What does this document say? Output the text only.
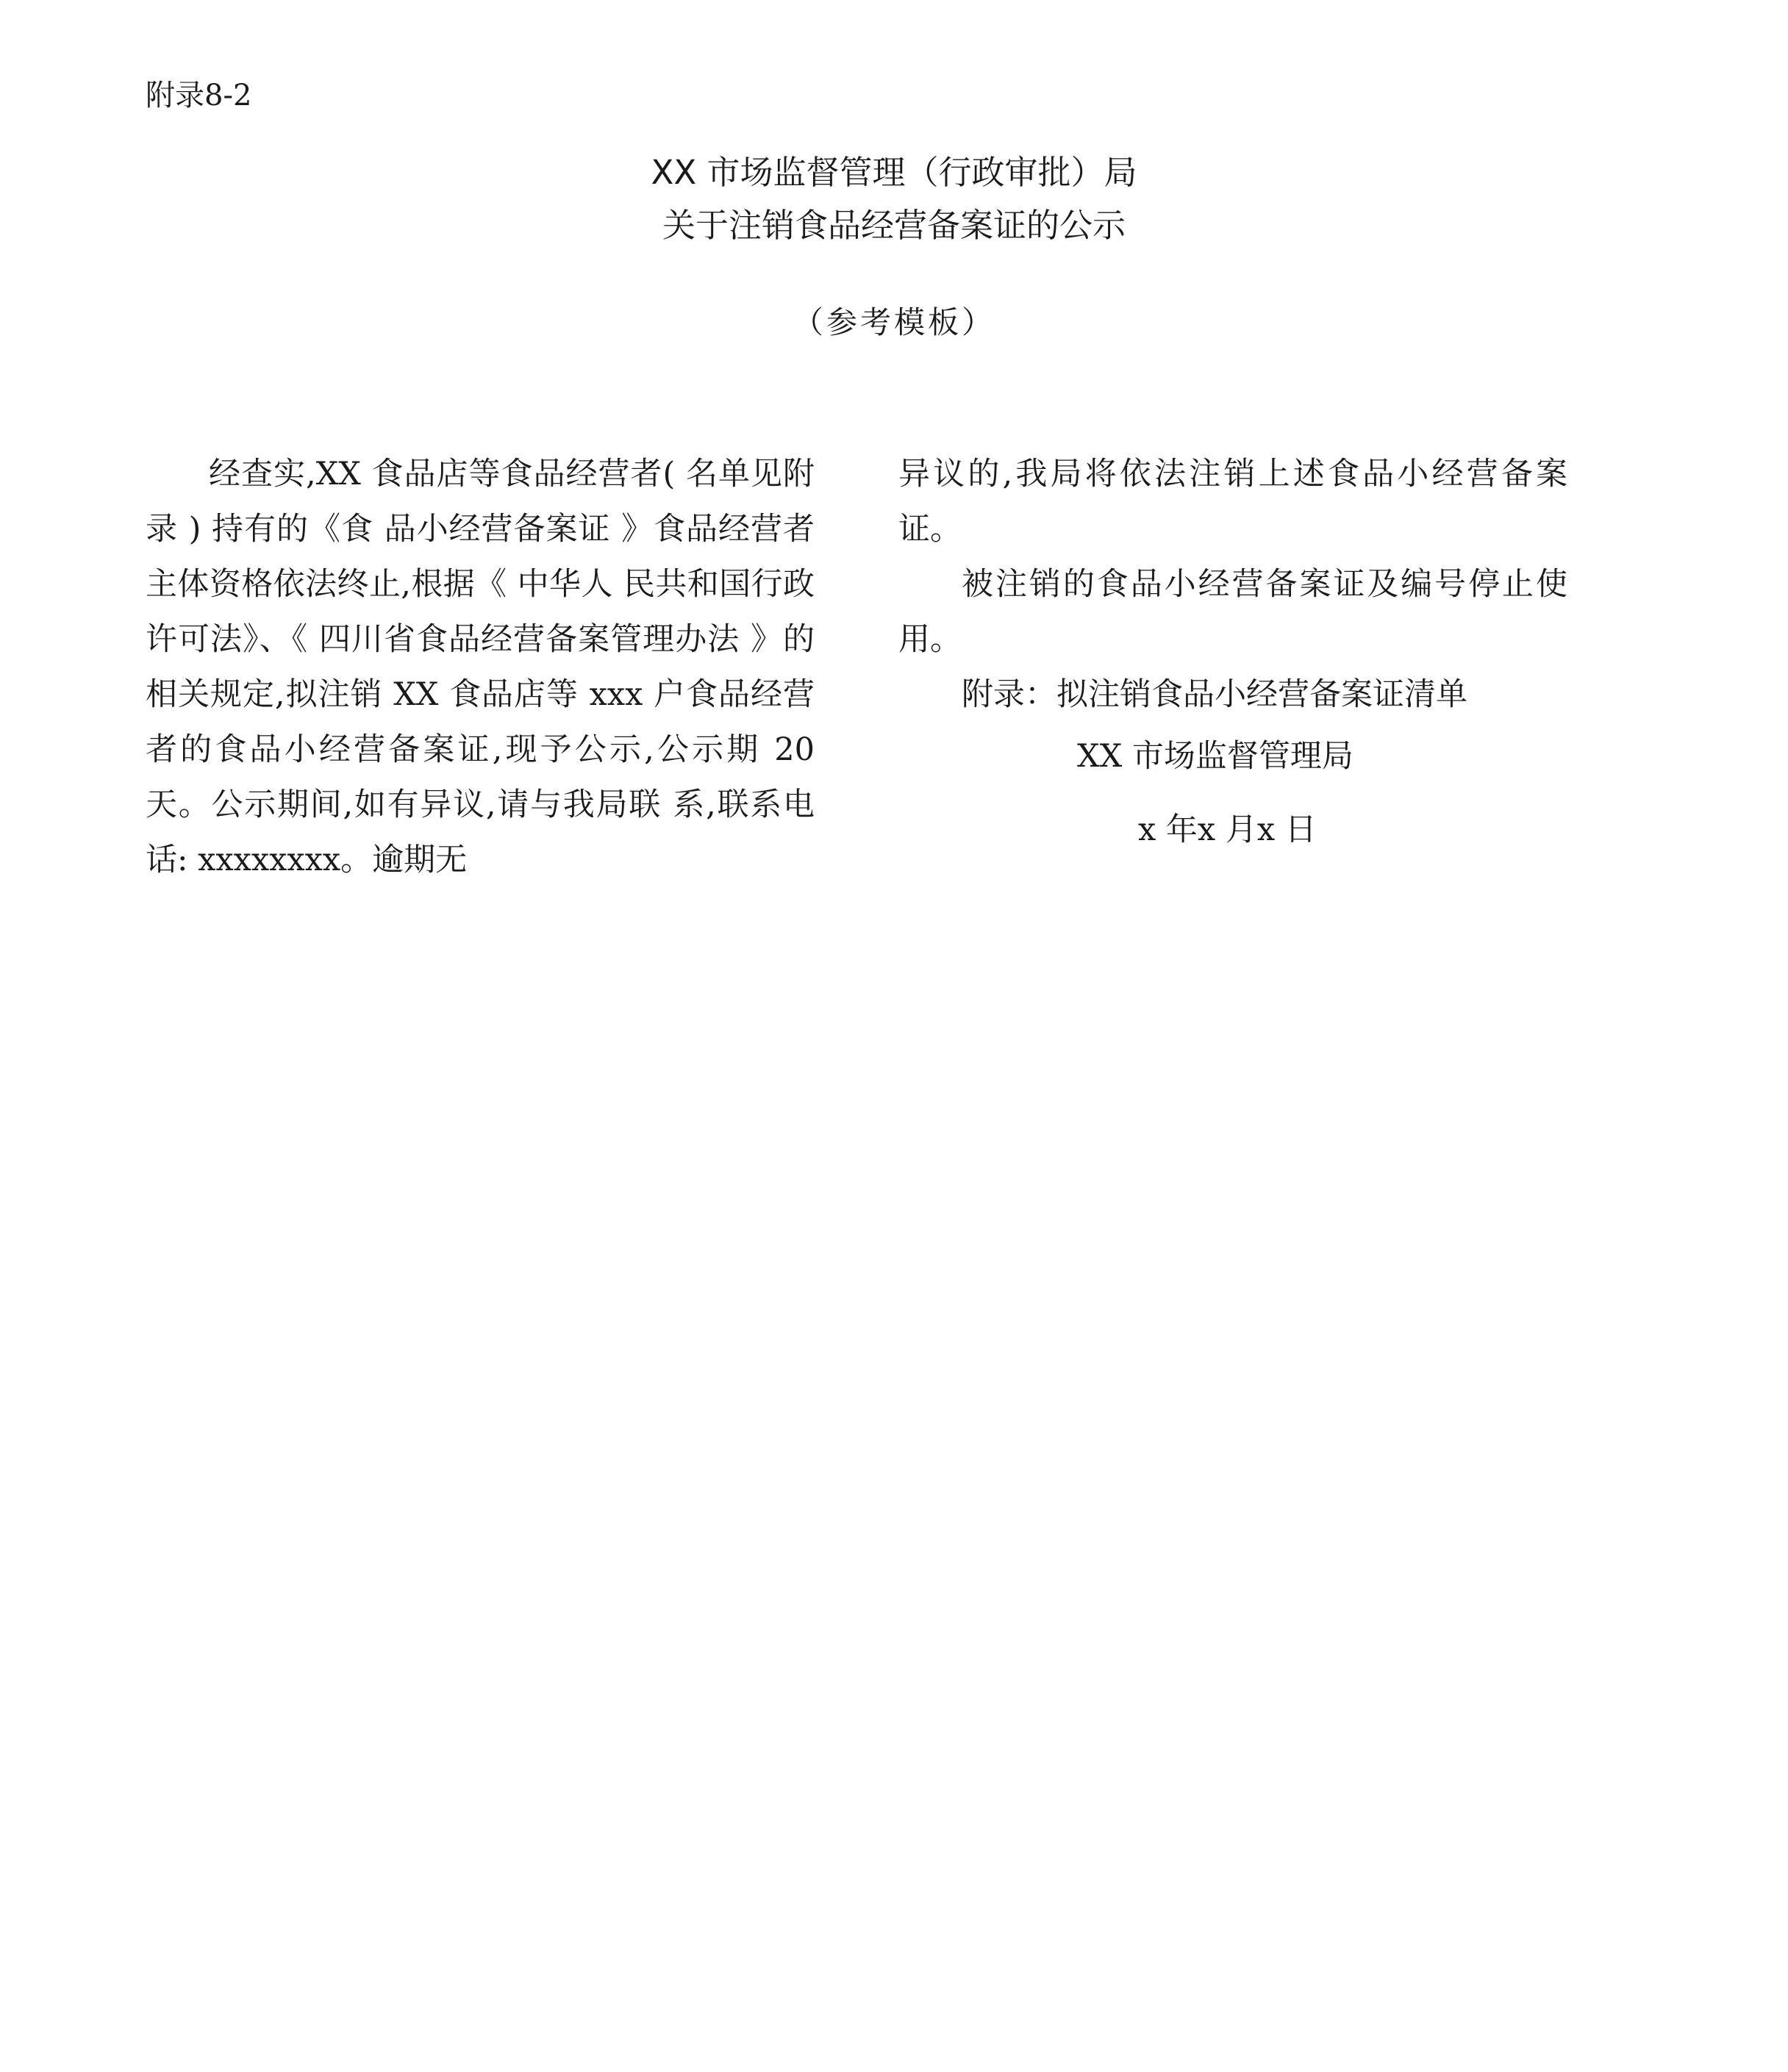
附录8-2
XX 市场监督管理（行政审批）局
关于注销食品经营备案证的公示
（参考模板）
经查实,XX 食品店等食品经营者( 名单见附录 ) 持有的《食 品小经营备案证 》食品经营者主体资格依法终止,根据《 中华人 民共和国行政许可法》、《 四川省食品经营备案管理办法 》的相关规定,拟注销 XX 食品店等 xxx 户食品经营者的食品小经营备案证,现予公示,公示期 20 天。公示期间,如有异议,请与我局联 系,联系电话: xxxxxxxx。逾期无

异议的,我局将依法注销上述食品小经营备案证。

被注销的食品小经营备案证及编号停止使用。

附录：拟注销食品小经营备案证清单

XX 市场监督管理局
x 年x 月x 日
